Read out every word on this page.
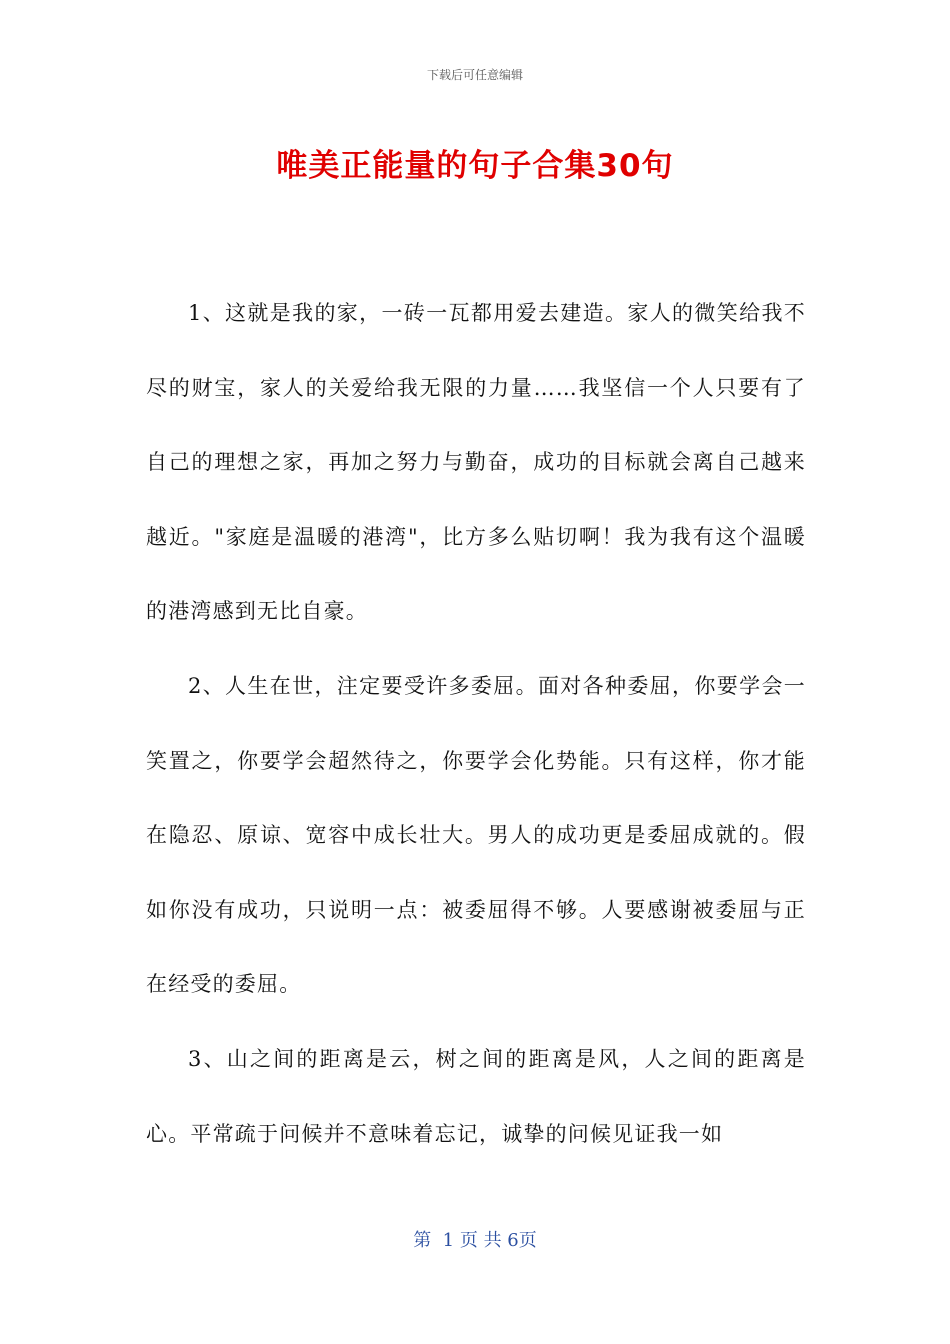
下载后可任意编辑
唯美正能量的句子合集30句

1、这就是我的家，一砖一瓦都用爱去建造。家人的微笑给我不尽的财宝，家人的关爱给我无限的力量……我坚信一个人只要有了自己的理想之家，再加之努力与勤奋，成功的目标就会离自己越来越近。"家庭是温暖的港湾"，比方多么贴切啊！我为我有这个温暖的港湾感到无比自豪。

2、人生在世，注定要受许多委屈。面对各种委屈，你要学会一笑置之，你要学会超然待之，你要学会化势能。只有这样，你才能在隐忍、原谅、宽容中成长壮大。男人的成功更是委屈成就的。假如你没有成功，只说明一点：被委屈得不够。人要感谢被委屈与正在经受的委屈。

3、山之间的距离是云，树之间的距离是风，人之间的距离是心。平常疏于问候并不意味着忘记，诚挚的问候见证我一如

第  1 页 共 6页
